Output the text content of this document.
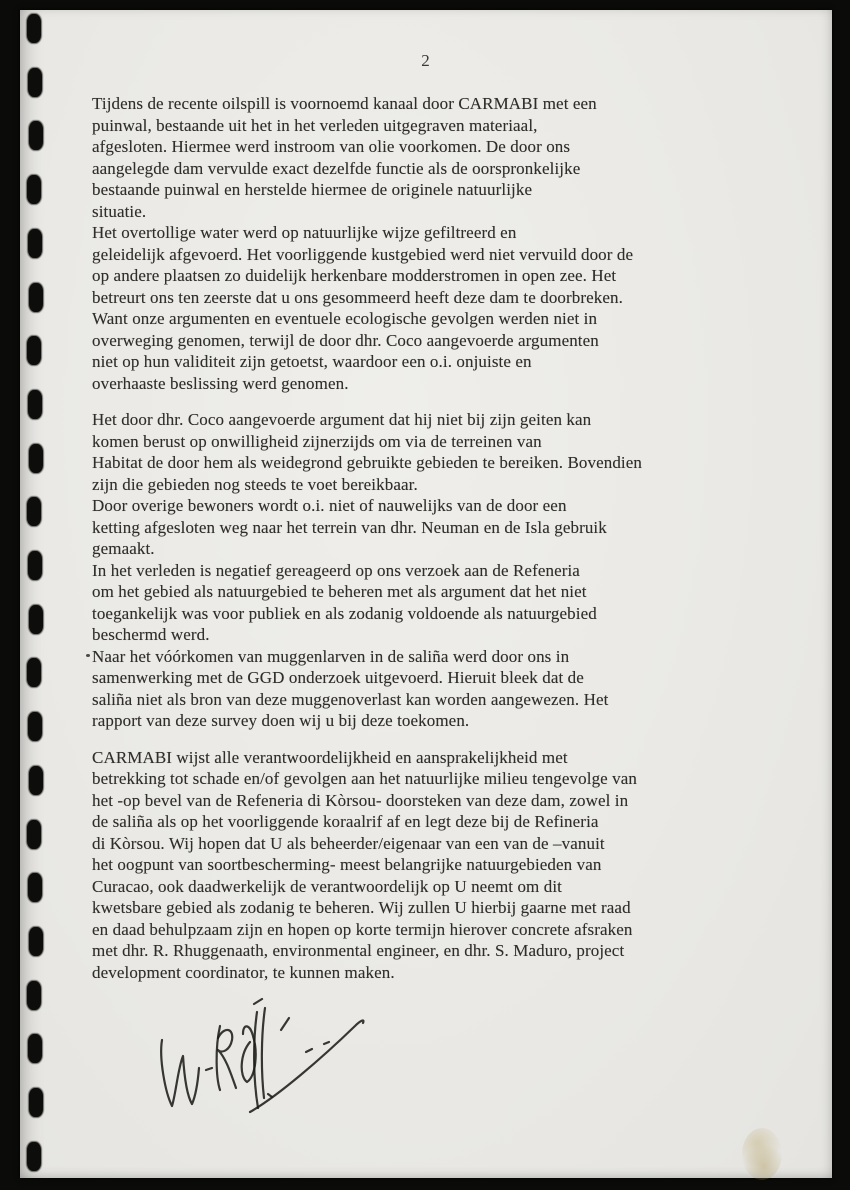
2
Tijdens de recente oilspill is voornoemd kanaal door CARMABI met een
puinwal, bestaande uit het in het verleden uitgegraven materiaal,
afgesloten. Hiermee werd instroom van olie voorkomen. De door ons
aangelegde dam vervulde exact dezelfde functie als de oorspronkelijke
bestaande puinwal en herstelde hiermee de originele natuurlijke
situatie.
Het overtollige water werd op natuurlijke wijze gefiltreerd en
geleidelijk afgevoerd. Het voorliggende kustgebied werd niet vervuild door de
op andere plaatsen zo duidelijk herkenbare modderstromen in open zee. Het
betreurt ons ten zeerste dat u ons gesommeerd heeft deze dam te doorbreken.
Want onze argumenten en eventuele ecologische gevolgen werden niet in
overweging genomen, terwijl de door dhr. Coco aangevoerde argumenten
niet op hun validiteit zijn getoetst, waardoor een o.i. onjuiste en
overhaaste beslissing werd genomen.
Het door dhr. Coco aangevoerde argument dat hij niet bij zijn geiten kan
komen berust op onwilligheid zijnerzijds om via de terreinen van
Habitat de door hem als weidegrond gebruikte gebieden te bereiken. Bovendien
zijn die gebieden nog steeds te voet bereikbaar.
Door overige bewoners wordt o.i. niet of nauwelijks van de door een
ketting afgesloten weg naar het terrein van dhr. Neuman en de Isla gebruik
gemaakt.
In het verleden is negatief gereageerd op ons verzoek aan de Refeneria
om het gebied als natuurgebied te beheren met als argument dat het niet
toegankelijk was voor publiek en als zodanig voldoende als natuurgebied
beschermd werd.
Naar het vóórkomen van muggenlarven in de saliña werd door ons in
samenwerking met de GGD onderzoek uitgevoerd. Hieruit bleek dat de
saliña niet als bron van deze muggenoverlast kan worden aangewezen. Het
rapport van deze survey doen wij u bij deze toekomen.
CARMABI wijst alle verantwoordelijkheid en aansprakelijkheid met
betrekking tot schade en/of gevolgen aan het natuurlijke milieu tengevolge van
het -op bevel van de Refeneria di Kòrsou- doorsteken van deze dam, zowel in
de saliña als op het voorliggende koraalrif af en legt deze bij de Refineria
di Kòrsou. Wij hopen dat U als beheerder/eigenaar van een van de –vanuit
het oogpunt van soortbescherming- meest belangrijke natuurgebieden van
Curacao, ook daadwerkelijk de verantwoordelijk op U neemt om dit
kwetsbare gebied als zodanig te beheren. Wij zullen U hierbij gaarne met raad
en daad behulpzaam zijn en hopen op korte termijn hierover concrete afsraken
met dhr. R. Rhuggenaath, environmental engineer, en dhr. S. Maduro, project
development coordinator, te kunnen maken.
